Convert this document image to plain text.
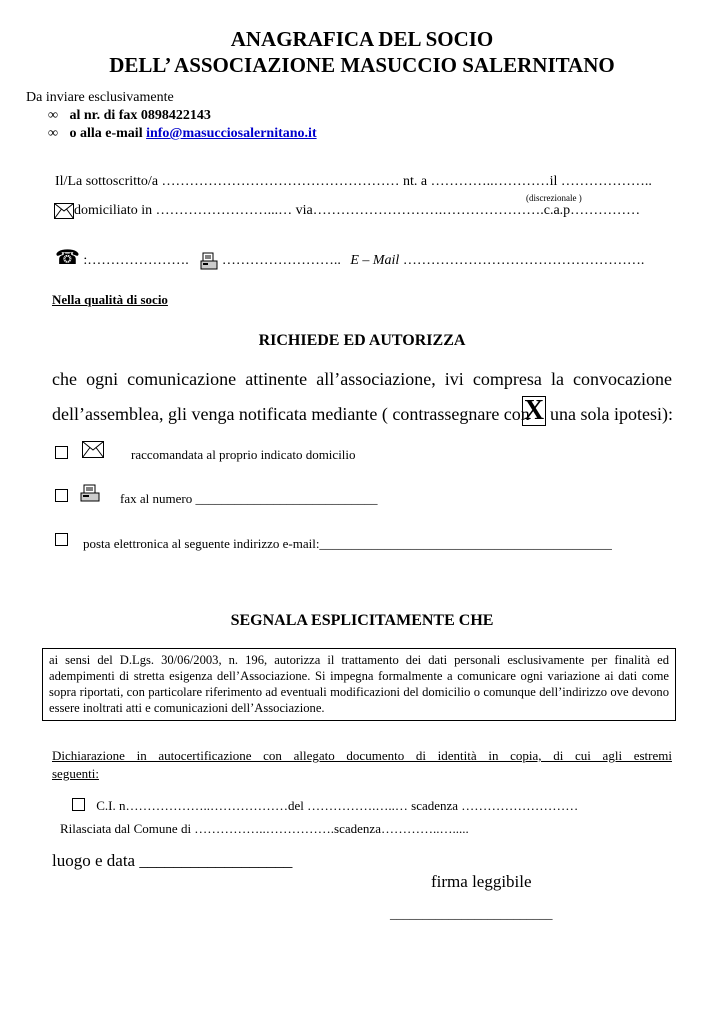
ANAGRAFICA DEL SOCIO
DELL’ ASSOCIAZIONE MASUCCIO SALERNITANO
Da inviare esclusivamente
∞ al nr. di fax 0898422143
∞ o alla e-mail info@masucciosalernitano.it
Il/La sottoscritto/a …………………………………………… nt. a …………..…………il ………………..
(discrezionale )
domiciliato in ……………………...… via……………………….………………….c.a.p……………
☎ :…………………. …………………….. E – Mail …………………………………………….
Nella qualità di socio
RICHIEDE ED AUTORIZZA
che ogni comunicazione attinente all’associazione, ivi compresa la convocazione
dell’assemblea, gli venga notificata mediante ( contrassegnare con
X una sola ipotesi):
raccomandata al proprio indicato domicilio
fax al numero ____________________________
posta elettronica al seguente indirizzo e-mail:_____________________________________________
SEGNALA ESPLICITAMENTE CHE
ai sensi del D.Lgs. 30/06/2003, n. 196, autorizza il trattamento dei dati personali esclusivamente per finalità ed adempimenti di stretta esigenza dell’Associazione. Si impegna formalmente a comunicare ogni variazione ai dati come sopra riportati, con particolare riferimento ad eventuali modificazioni del domicilio o comunque dell’indirizzo ove devono essere inoltrati atti e comunicazioni dell’Associazione.
Dichiarazione in autocertificazione con allegato documento di identità in copia, di cui agli estremi
seguenti:
C.I. n………………..………………del …………….…..… scadenza ………………………
Rilasciata dal Comune di ……………..…………….scadenza…………..….....
luogo e data __________________
firma leggibile
_________________________
